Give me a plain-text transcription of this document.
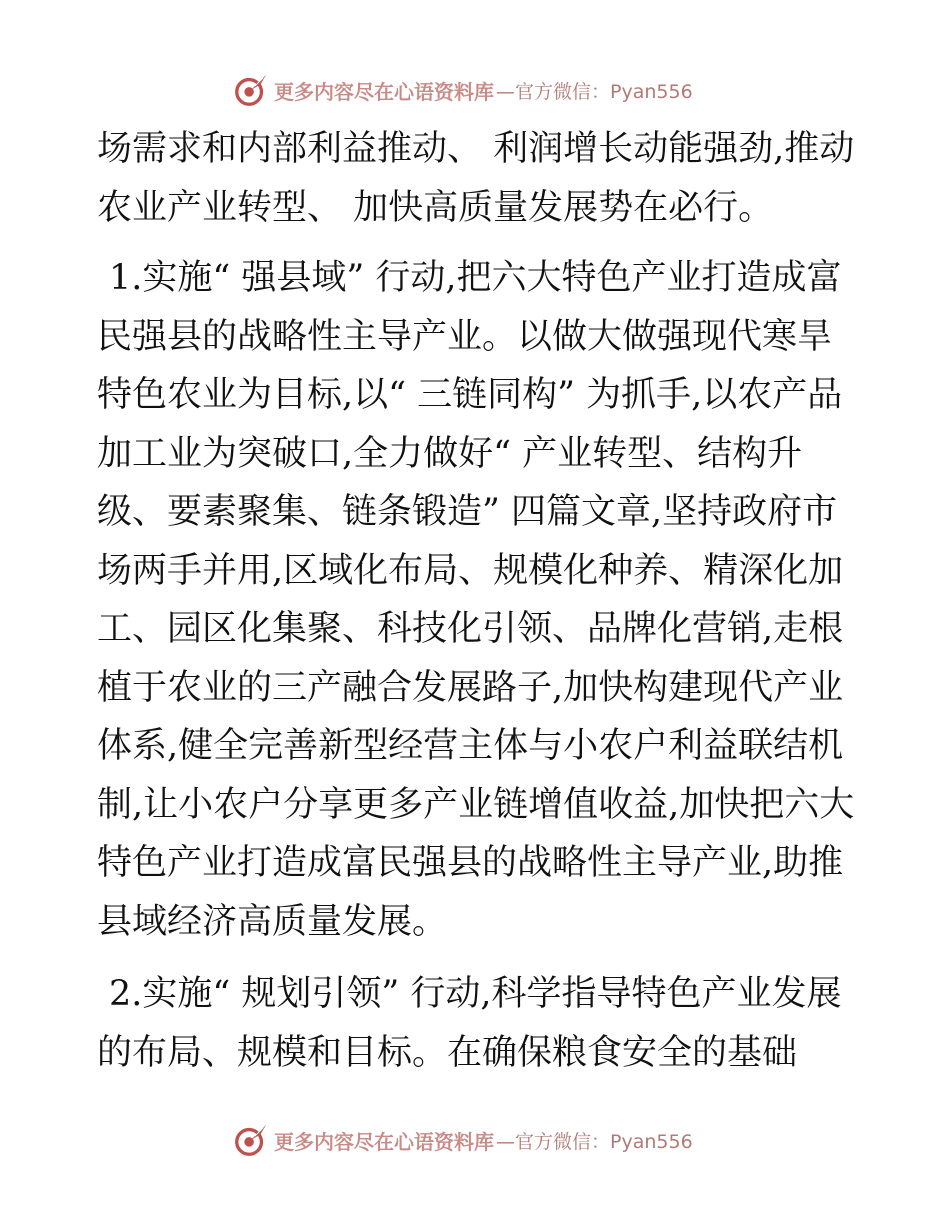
更多内容尽在心语资料库 —官方微信：Pyan556

场需求和内部利益推动、 利润增长动能强劲,推动农业产业转型、 加快高质量发展势在必行。

1.实施“ 强县域” 行动,把六大特色产业打造成富民强县的战略性主导产业。以做大做强现代寒旱特色农业为目标,以“ 三链同构” 为抓手,以农产品加工业为突破口,全力做好“ 产业转型、结构升级、要素聚集、链条锻造” 四篇文章,坚持政府市场两手并用,区域化布局、规模化种养、精深化加工、园区化集聚、科技化引领、品牌化营销,走根植于农业的三产融合发展路子,加快构建现代产业体系,健全完善新型经营主体与小农户利益联结机制,让小农户分享更多产业链增值收益,加快把六大特色产业打造成富民强县的战略性主导产业,助推县域经济高质量发展。

2.实施“ 规划引领” 行动,科学指导特色产业发展的布局、规模和目标。在确保粮食安全的基础

更多内容尽在心语资料库 —官方微信：Pyan556
